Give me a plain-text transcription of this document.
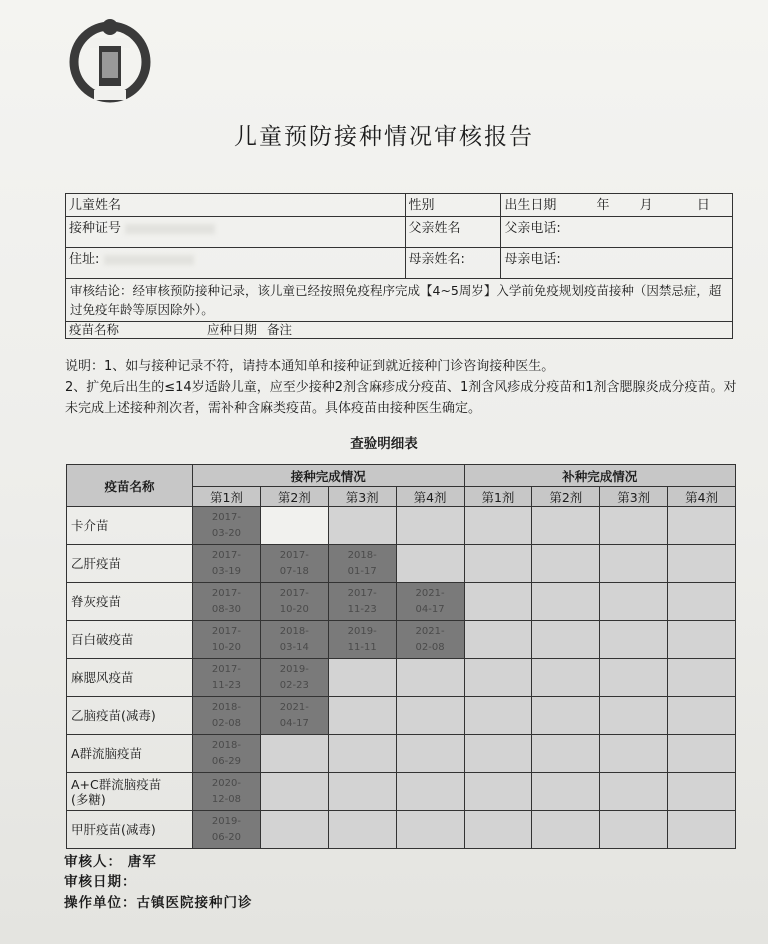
儿童预防接种情况审核报告
儿童姓名	性别	出生日期 年 月 日
接种证号	父亲姓名	父亲电话:
住址:	母亲姓名:	母亲电话:
审核结论：经审核预防接种记录，该儿童已经按照免疫程序完成【4~5周岁】入学前免疫规划疫苗接种（因禁忌症，超过免疫年龄等原因除外）。		
疫苗名称 应种日期 备注		
说明：1、如与接种记录不符，请持本通知单和接种证到就近接种门诊咨询接种医生。
2、扩免后出生的≤14岁适龄儿童，应至少接种2剂含麻疹成分疫苗、1剂含风疹成分疫苗和1剂含腮腺炎成分疫苗。对未完成上述接种剂次者，需补种含麻类疫苗。具体疫苗由接种医生确定。
查验明细表
疫苗名称	接种完成情况				补种完成情况			
	第1剂	第2剂	第3剂	第4剂	第1剂	第2剂	第3剂	第4剂
卡介苗	2017-
03-20							
乙肝疫苗	2017-
03-19	2017-
07-18	2018-
01-17					
脊灰疫苗	2017-
08-30	2017-
10-20	2017-
11-23	2021-
04-17				
百白破疫苗	2017-
10-20	2018-
03-14	2019-
11-11	2021-
02-08				
麻腮风疫苗	2017-
11-23	2019-
02-23						
乙脑疫苗(减毒)	2018-
02-08	2021-
04-17						
A群流脑疫苗	2018-
06-29							
A+C群流脑疫苗
(多糖)	2020-
12-08							
甲肝疫苗(减毒)	2019-
06-20							
审核人： 唐军
审核日期：
操作单位：古镇医院接种门诊
